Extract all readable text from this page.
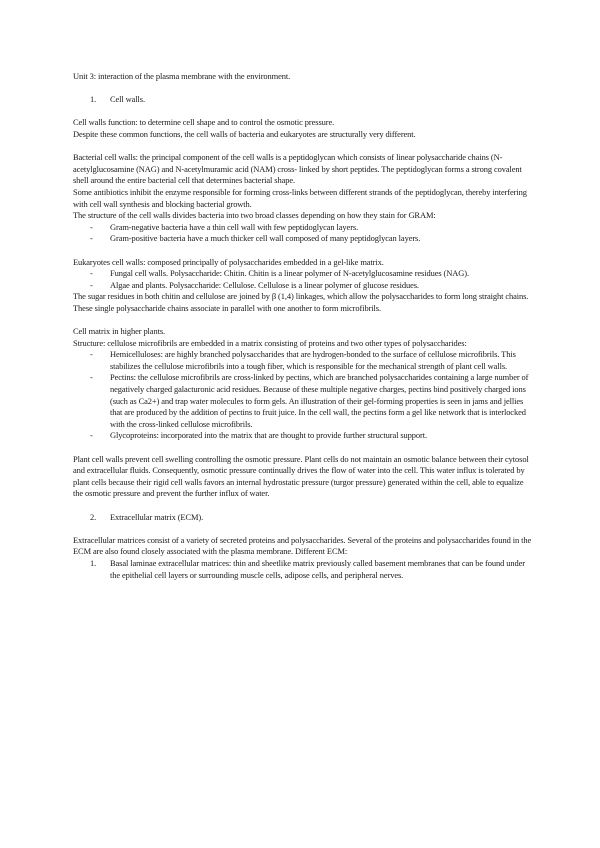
Unit 3: interaction of the plasma membrane with the environment.

1. Cell walls.

Cell walls function: to determine cell shape and to control the osmotic pressure.

Despite these common functions, the cell walls of bacteria and eukaryotes are structurally very different.

Bacterial cell walls: the principal component of the cell walls is a peptidoglycan which consists of linear polysaccharide chains (N- acetylglucosamine (NAG) and N-acetylmuramic acid (NAM) cross- linked by short peptides. The peptidoglycan forms a strong covalent shell around the entire bacterial cell that determines bacterial shape.

Some antibiotics inhibit the enzyme responsible for forming cross-links between different strands of the peptidoglycan, thereby interfering with cell wall synthesis and blocking bacterial growth.

The structure of the cell walls divides bacteria into two broad classes depending on how they stain for GRAM:

- Gram-negative bacteria have a thin cell wall with few peptidoglycan layers.
- Gram-positive bacteria have a much thicker cell wall composed of many peptidoglycan layers.

Eukaryotes cell walls: composed principally of polysaccharides embedded in a gel-like matrix.

- Fungal cell walls. Polysaccharide: Chitin. Chitin is a linear polymer of N-acetylglucosamine residues (NAG).
- Algae and plants. Polysaccharide: Cellulose. Cellulose is a linear polymer of glucose residues.

The sugar residues in both chitin and cellulose are joined by β (1,4) linkages, which allow the polysaccharides to form long straight chains. These single polysaccharide chains associate in parallel with one another to form microfibrils.

Cell matrix in higher plants.

Structure: cellulose microfibrils are embedded in a matrix consisting of proteins and two other types of polysaccharides:

- Hemicelluloses: are highly branched polysaccharides that are hydrogen-bonded to the surface of cellulose microfibrils. This stabilizes the cellulose microfibrils into a tough fiber, which is responsible for the mechanical strength of plant cell walls.
- Pectins: the cellulose microfibrils are cross-linked by pectins, which are branched polysaccharides containing a large number of negatively charged galacturonic acid residues. Because of these multiple negative charges, pectins bind positively charged ions (such as Ca2+) and trap water molecules to form gels. An illustration of their gel-forming properties is seen in jams and jellies that are produced by the addition of pectins to fruit juice. In the cell wall, the pectins form a gel like network that is interlocked with the cross-linked cellulose microfibrils.
- Glycoproteins: incorporated into the matrix that are thought to provide further structural support.

Plant cell walls prevent cell swelling controlling the osmotic pressure. Plant cells do not maintain an osmotic balance between their cytosol and extracellular fluids. Consequently, osmotic pressure continually drives the flow of water into the cell. This water influx is tolerated by plant cells because their rigid cell walls favors an internal hydrostatic pressure (turgor pressure) generated within the cell, able to equalize the osmotic pressure and prevent the further influx of water.

2. Extracellular matrix (ECM).

Extracellular matrices consist of a variety of secreted proteins and polysaccharides. Several of the proteins and polysaccharides found in the ECM are also found closely associated with the plasma membrane. Different ECM:

1. Basal laminae extracellular matrices: thin and sheetlike matrix previously called basement membranes that can be found under the epithelial cell layers or surrounding muscle cells, adipose cells, and peripheral nerves.
